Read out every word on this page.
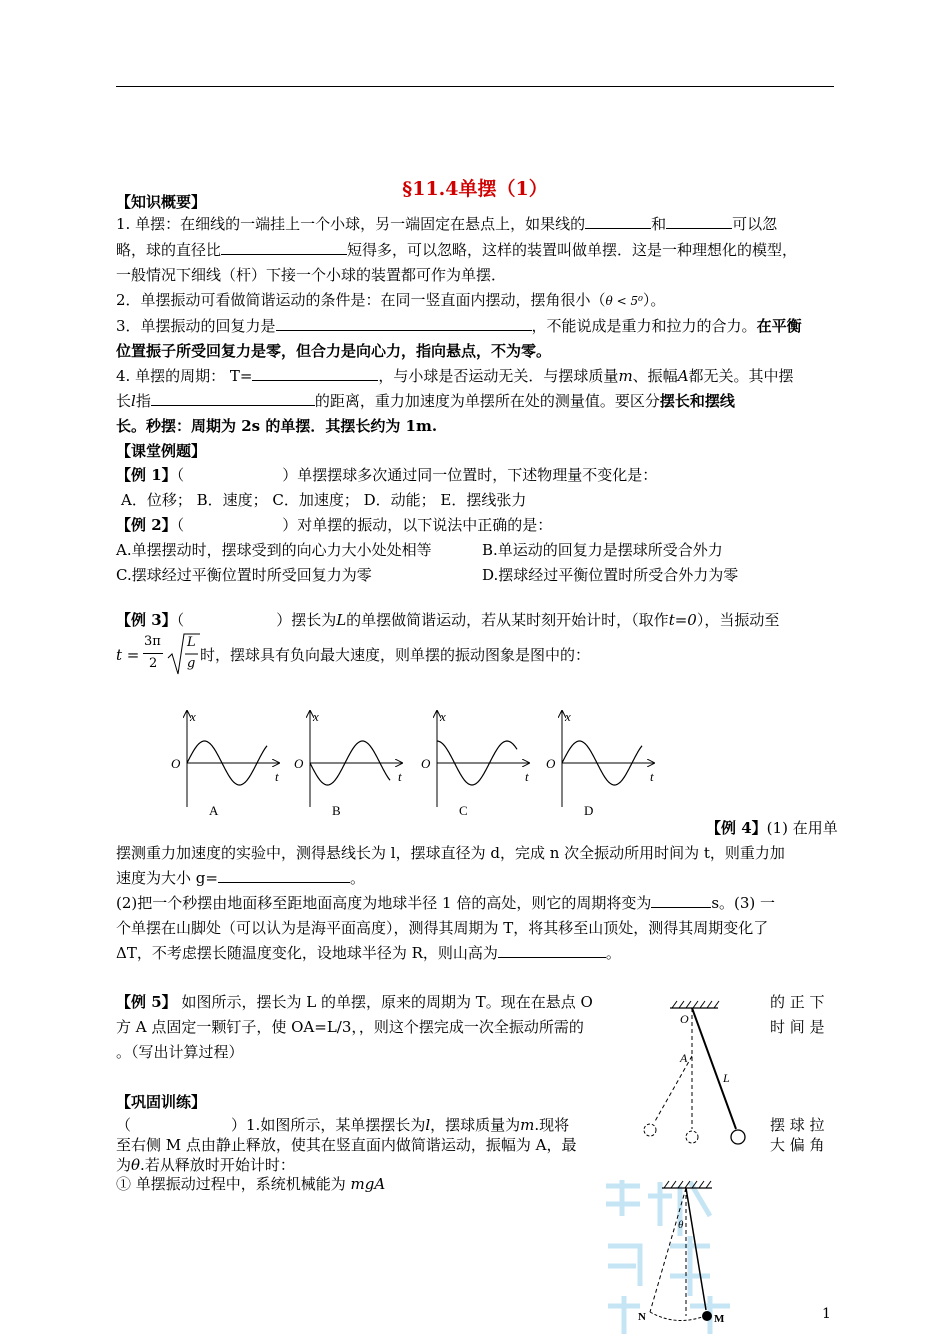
§11.4单摆（1）
【知识概要】
1. 单摆：在细线的一端挂上一个小球，另一端固定在悬点上，如果线的	和	可以忽
略，球的直径比	短得多，可以忽略，这样的装置叫做单摆．这是一种理想化的模型，
一般情况下细线（杆）下接一个小球的装置都可作为单摆．
2．单摆振动可看做简谐运动的条件是：在同一竖直面内摆动，摆角很小（θ < 5⁰）。
3．单摆振动的回复力是	，不能说成是重力和拉力的合力。在平衡
位置振子所受回复力是零，但合力是向心力，指向悬点，不为零。
4. 单摆的周期： T=	，与小球是否运动无关．与摆球质量m、振幅A都无关。其中摆
长l指	的距离，重力加速度为单摆所在处的测量值。要区分摆长和摆线
长。秒摆：周期为 2s 的单摆．其摆长约为 1m.
【课堂例题】
【例 1】（	）单摆摆球多次通过同一位置时，下述物理量不变化是：
A．位移； B．速度； C．加速度； D．动能； E．摆线张力
【例 2】（	）对单摆的振动，以下说法中正确的是：
A.单摆摆动时，摆球受到的向心力大小处处相等	B.单运动的回复力是摆球所受合外力
C.摆球经过平衡位置时所受回复力为零	D.摆球经过平衡位置时所受合外力为零
【例 3】（	）摆长为L的单摆做简谐运动，若从某时刻开始计时，（取作t=0），当振动至
t =
3π
2
L
g 时，摆球具有负向最大速度，则单摆的振动图象是图中的：
x
O
t
A
x
O
t
B
x
O
t
C
x
O
t
D
【例 4】(1) 在用单
摆测重力加速度的实验中，测得悬线长为 l，摆球直径为 d，完成 n 次全振动所用时间为 t，则重力加
速度为大小 g=	。
(2)把一个秒摆由地面移至距地面高度为地球半径 1 倍的高处，则它的周期将变为	s。(3) 一
个单摆在山脚处（可以认为是海平面高度），测得其周期为 T，将其移至山顶处，测得其周期变化了
ΔT，不考虑摆长随温度变化，设地球半径为 R，则山高为	。
【例 5】 如图所示，摆长为 L 的单摆，原来的周期为 T。现在在悬点 O	的 正 下
方 A 点固定一颗钉子，使 OA=L/3，，则这个摆完成一次全振动所需的	时 间 是
。（写出计算过程）
O
A
L
【巩固训练】
（	）1.如图所示，某单摆摆长为l，摆球质量为m.现将	摆 球 拉
至右侧 M 点由静止释放，使其在竖直面内做简谐运动，振幅为 A，最	大 偏 角
为θ.若从释放时开始计时：
① 单摆振动过程中，系统机械能为 mgA
θ
N	M	1
